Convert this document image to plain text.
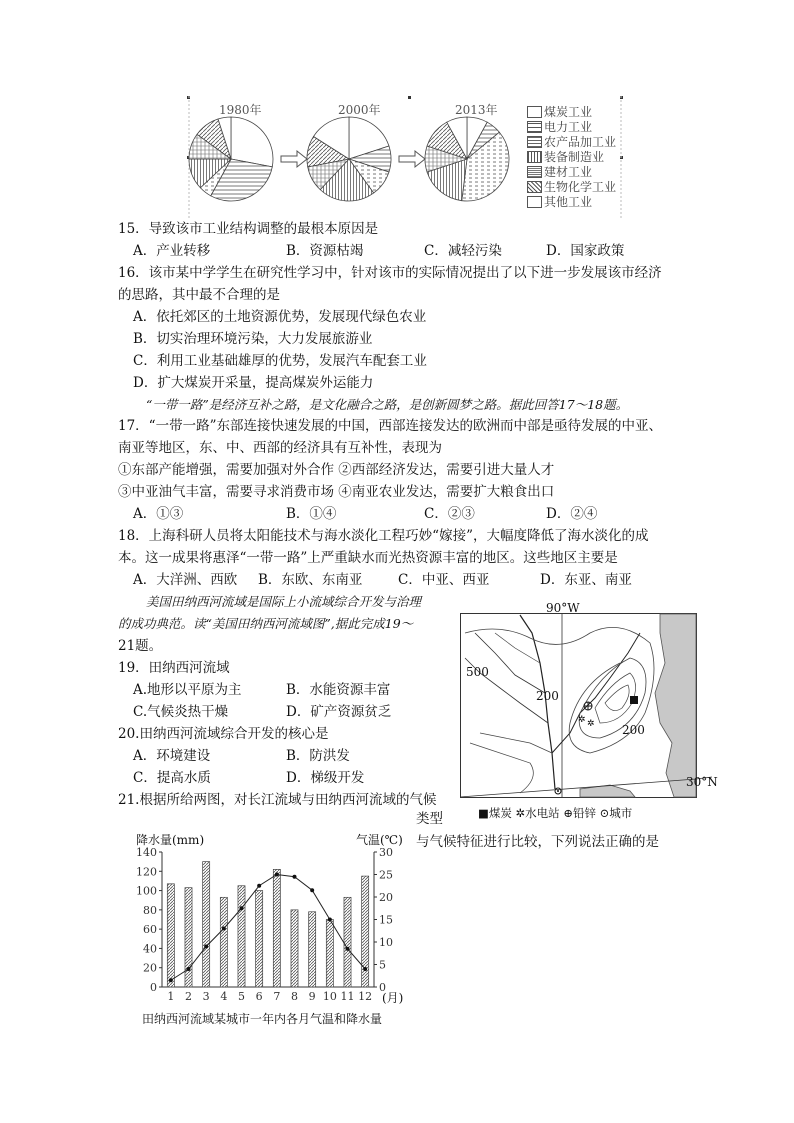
1980年	2000年	2013年	煤炭工业
电力工业
农产品加工业
装备制造业
建材工业
生物化学工业
其他工业
15．导致该市工业结构调整的最根本原因是
A．产业转移	B．资源枯竭	C．减轻污染	D．国家政策
16．该市某中学学生在研究性学习中，针对该市的实际情况提出了以下进一步发展该市经济
的思路，其中最不合理的是
A．依托郊区的土地资源优势，发展现代绿色农业
B．切实治理环境污染，大力发展旅游业
C．利用工业基础雄厚的优势，发展汽车配套工业
D．扩大煤炭开采量，提高煤炭外运能力
“一带一路”是经济互补之路，是文化融合之路，是创新圆梦之路。据此回答17～18题。
17．“一带一路”东部连接快速发展的中国，西部连接发达的欧洲而中部是亟待发展的中亚、
南亚等地区，东、中、西部的经济具有互补性，表现为
①东部产能增强，需要加强对外合作 ②西部经济发达，需要引进大量人才
③中亚油气丰富，需要寻求消费市场 ④南亚农业发达，需要扩大粮食出口
A．①③	B．①④	C．②③	D．②④
18．上海科研人员将太阳能技术与海水淡化工程巧妙“嫁接”，大幅度降低了海水淡化的成
本。这一成果将惠泽“一带一路”上严重缺水而光热资源丰富的地区。这些地区主要是
A．大洋洲、西欧 B．东欧、东南亚	C．中亚、西亚	D．东亚、南亚
美国田纳西河流域是国际上小流域综合开发与治理
的成功典范。读“美国田纳西河流域图”,据此完成19～
21题。
19．田纳西河流域
A.地形以平原为主	B．水能资源丰富
C.气候炎热干燥	D．矿产资源贫乏
20.田纳西河流域综合开发的核心是
A．环境建设	B．防洪发
C．提高水质	D．梯级开发
21.根据所给两图，对长江流域与田纳西河流域的气候
类型
与气候特征进行比较，下列说法正确的是
✲ ✲
90°W
30°N
500
200
200
■煤炭 ✲水电站 ⊕铅锌 ⊙城市
0
20
40
60
80
100
120
140
0
5
10
15
20
25
30
1 2 3 4 5 6 7 8 9 10 11 12
降水量(mm)	气温(℃)
(月)
田纳西河流域某城市一年内各月气温和降水量
